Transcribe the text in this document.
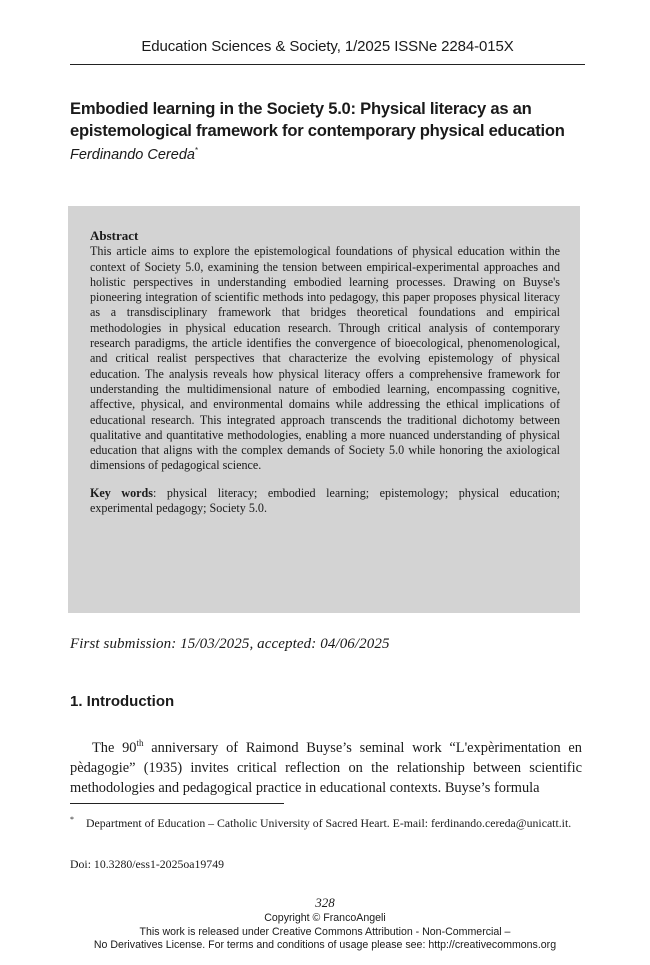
Education Sciences & Society, 1/2025 ISSNe 2284-015X
Embodied learning in the Society 5.0: Physical literacy as an epistemological framework for contemporary physical education
Ferdinando Cereda*
Abstract

This article aims to explore the epistemological foundations of physical education within the context of Society 5.0, examining the tension between empirical-experimental approaches and holistic perspectives in understanding embodied learning processes. Drawing on Buyse's pioneering integration of scientific methods into pedagogy, this paper proposes physical literacy as a transdisciplinary framework that bridges theoretical foundations and empirical methodologies in physical education research. Through critical analysis of contemporary research paradigms, the article identifies the convergence of bioecological, phenomenological, and critical realist perspectives that characterize the evolving epistemology of physical education. The analysis reveals how physical literacy offers a comprehensive framework for understanding the multidimensional nature of embodied learning, encompassing cognitive, affective, physical, and environmental domains while addressing the ethical implications of educational research. This integrated approach transcends the traditional dichotomy between qualitative and quantitative methodologies, enabling a more nuanced understanding of physical education that aligns with the complex demands of Society 5.0 while honoring the axiological dimensions of pedagogical science.

Key words: physical literacy; embodied learning; epistemology; physical education; experimental pedagogy; Society 5.0.

First submission: 15/03/2025, accepted: 04/06/2025
1. Introduction

The 90th anniversary of Raimond Buyse’s seminal work “L'expèrimentation en pèdagogie” (1935) invites critical reflection on the relationship between scientific methodologies and pedagogical practice in educational contexts. Buyse’s formula

* Department of Education – Catholic University of Sacred Heart. E-mail: ferdinando.cereda@unicatt.it.
Doi: 10.3280/ess1-2025oa19749
328
Copyright © FrancoAngeli
This work is released under Creative Commons Attribution - Non-Commercial –
No Derivatives License. For terms and conditions of usage please see: http://creativecommons.org
